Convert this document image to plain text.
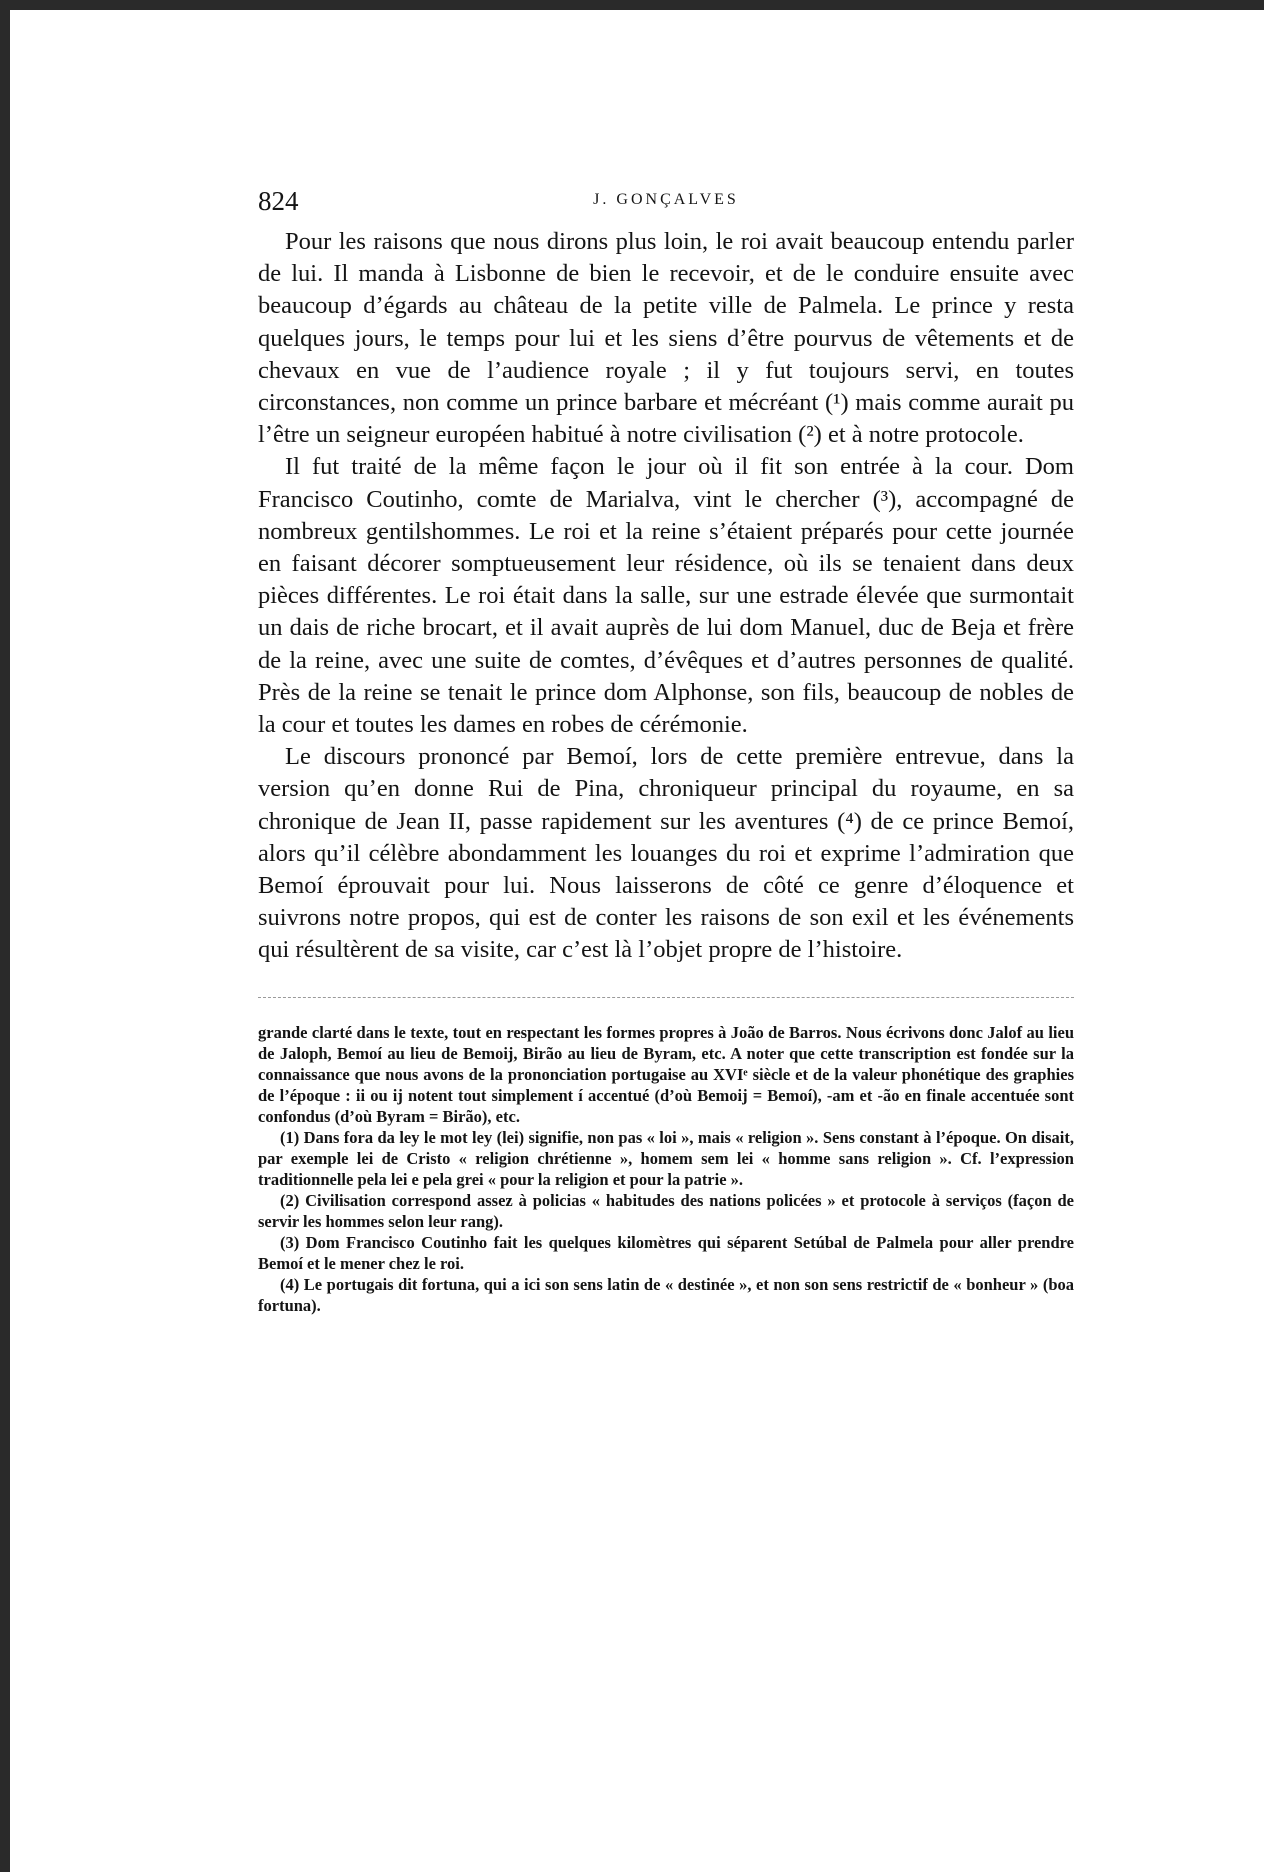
824	J. GONÇALVES

Pour les raisons que nous dirons plus loin, le roi avait beaucoup entendu parler de lui. Il manda à Lisbonne de bien le recevoir, et de le conduire ensuite avec beaucoup d’égards au château de la petite ville de Palmela. Le prince y resta quelques jours, le temps pour lui et les siens d’être pourvus de vêtements et de chevaux en vue de l’audience royale ; il y fut toujours servi, en toutes circonstances, non comme un prince barbare et mécréant (¹) mais comme aurait pu l’être un seigneur européen habitué à notre civilisation (²) et à notre protocole.

Il fut traité de la même façon le jour où il fit son entrée à la cour. Dom Francisco Coutinho, comte de Marialva, vint le chercher (³), accompagné de nombreux gentilshommes. Le roi et la reine s’étaient préparés pour cette journée en faisant décorer somptueusement leur résidence, où ils se tenaient dans deux pièces différentes. Le roi était dans la salle, sur une estrade élevée que surmontait un dais de riche brocart, et il avait auprès de lui dom Manuel, duc de Beja et frère de la reine, avec une suite de comtes, d’évêques et d’autres personnes de qualité. Près de la reine se tenait le prince dom Alphonse, son fils, beaucoup de nobles de la cour et toutes les dames en robes de cérémonie.

Le discours prononcé par Bemoí, lors de cette première entrevue, dans la version qu’en donne Rui de Pina, chroniqueur principal du royaume, en sa chronique de Jean II, passe rapidement sur les aventures (⁴) de ce prince Bemoí, alors qu’il célèbre abondamment les louanges du roi et exprime l’admiration que Bemoí éprouvait pour lui. Nous laisserons de côté ce genre d’éloquence et suivrons notre propos, qui est de conter les raisons de son exil et les événements qui résultèrent de sa visite, car c’est là l’objet propre de l’histoire.

grande clarté dans le texte, tout en respectant les formes propres à João de Barros. Nous écrivons donc Jalof au lieu de Jaloph, Bemoí au lieu de Bemoij, Birão au lieu de Byram, etc. A noter que cette transcription est fondée sur la connaissance que nous avons de la prononciation portugaise au XVIᵉ siècle et de la valeur phonétique des graphies de l’époque : ii ou ij notent tout simplement í accentué (d’où Bemoij = Bemoí), -am et -ão en finale accentuée sont confondus (d’où Byram = Birão), etc.

(1) Dans fora da ley le mot ley (lei) signifie, non pas « loi », mais « religion ». Sens constant à l’époque. On disait, par exemple lei de Cristo « religion chrétienne », homem sem lei « homme sans religion ». Cf. l’expression traditionnelle pela lei e pela grei « pour la religion et pour la patrie ».

(2) Civilisation correspond assez à policias « habitudes des nations policées » et protocole à serviços (façon de servir les hommes selon leur rang).

(3) Dom Francisco Coutinho fait les quelques kilomètres qui séparent Setúbal de Palmela pour aller prendre Bemoí et le mener chez le roi.

(4) Le portugais dit fortuna, qui a ici son sens latin de « destinée », et non son sens restrictif de « bonheur » (boa fortuna).
